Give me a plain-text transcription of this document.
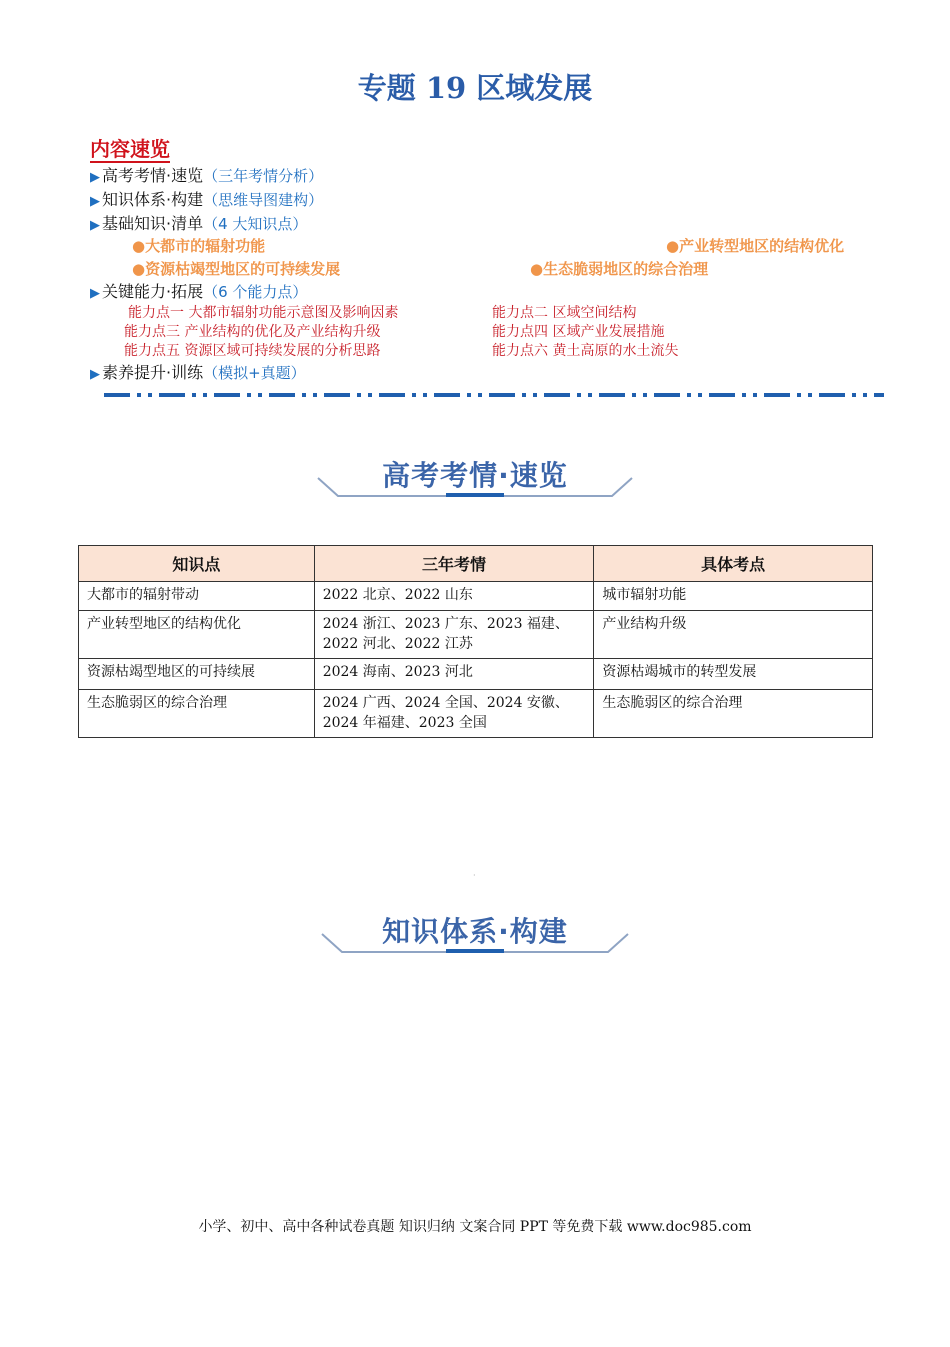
专题 19 区域发展
内容速览
▶ 高考考情·速览（三年考情分析）
▶ 知识体系·构建（思维导图建构）
▶ 基础知识·清单（4 大知识点）
●大都市的辐射功能	●产业转型地区的结构优化
●资源枯竭型地区的可持续发展	●生态脆弱地区的综合治理
▶ 关键能力·拓展（6 个能力点）
能力点一 大都市辐射功能示意图及影响因素	能力点二 区域空间结构
能力点三 产业结构的优化及产业结构升级	能力点四 区域产业发展措施
能力点五 资源区域可持续发展的分析思路	能力点六 黄土高原的水土流失
▶ 素养提升·训练（模拟+真题）
高考考情·速览
知识点	三年考情	具体考点
大都市的辐射带动	2022 北京、2022 山东	城市辐射功能
产业转型地区的结构优化	2024 浙江、2023 广东、2023 福建、2022 河北、2022 江苏	产业结构升级
资源枯竭型地区的可持续展	2024 海南、2023 河北	资源枯竭城市的转型发展
生态脆弱区的综合治理	2024 广西、2024 全国、2024 安徽、2024 年福建、2023 全国	生态脆弱区的综合治理
·
知识体系·构建
小学、初中、高中各种试卷真题 知识归纳 文案合同 PPT 等免费下载 www.doc985.com
